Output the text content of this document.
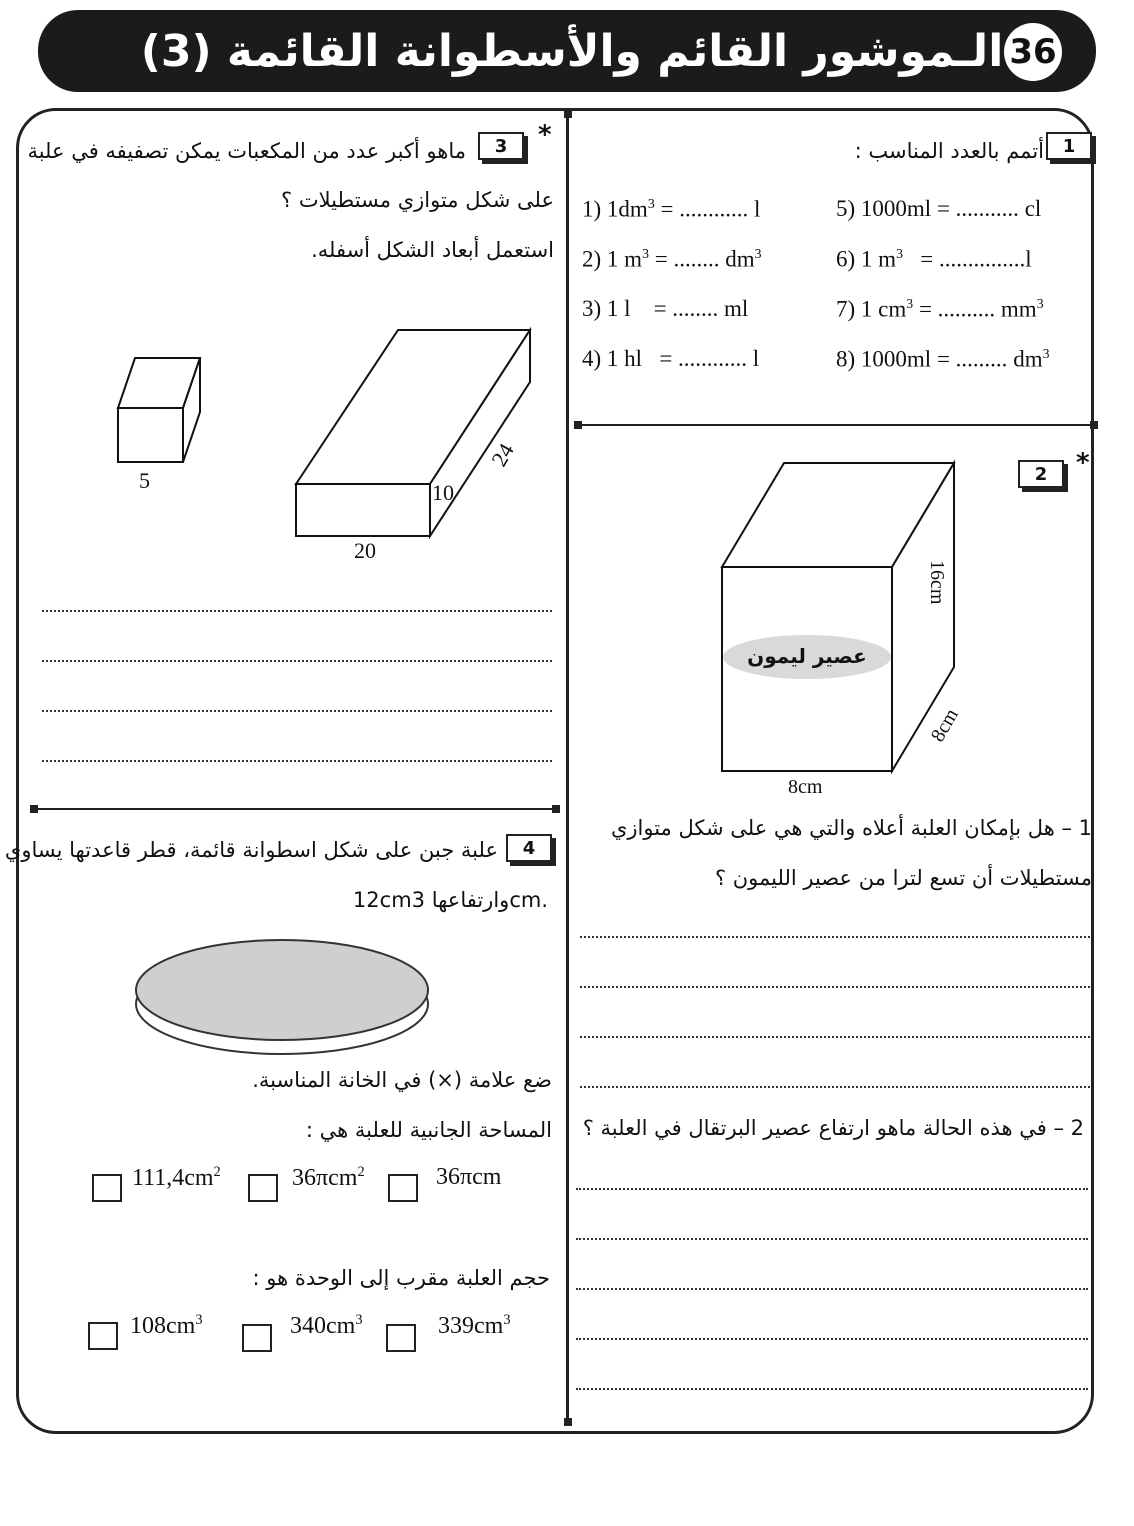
الـموشور القائم والأسطوانة القائمة (3) 36
1
أتمم بالعدد المناسب :
1) $1dm^3$ = ............ l
2) 1 $m^3$ = ........ $dm^3$
3) 1 l = ........ ml
4) 1 hl = ............ l
5) 1000ml = ........... cl
6) 1 $m^3 = ...............l$
7) 1 $cm^3$ = .......... $mm^3$
8) 1000ml = ......... $dm^3$
*
2
عصير ليمون
16cm
8cm
8cm
1 – هل بإمكان العلبة أعلاه والتي هي على شكل متوازي
مستطيلات أن تسع لترا من عصير الليمون ؟
2 – في هذه الحالة ماهو ارتفاع عصير البرتقال في العلبة ؟
*
3
ماهو أكبر عدد من المكعبات يمكن تصفيفه في علبة
على شكل متوازي مستطيلات ؟
استعمل أبعاد الشكل أسفله.
5
20
10
24
4
علبة جبن على شكل اسطوانة قائمة، قطر قاعدتها يساوي
12cmوارتفاعها 3cm.
ضع علامة (×) في الخانة المناسبة.
المساحة الجانبية للعلبة هي :
$111,4cm^2$	36πcm$^2$	36πcm
حجم العلبة مقرب إلى الوحدة هو :
$108cm^3$	$340cm^3$	$339cm^3$
